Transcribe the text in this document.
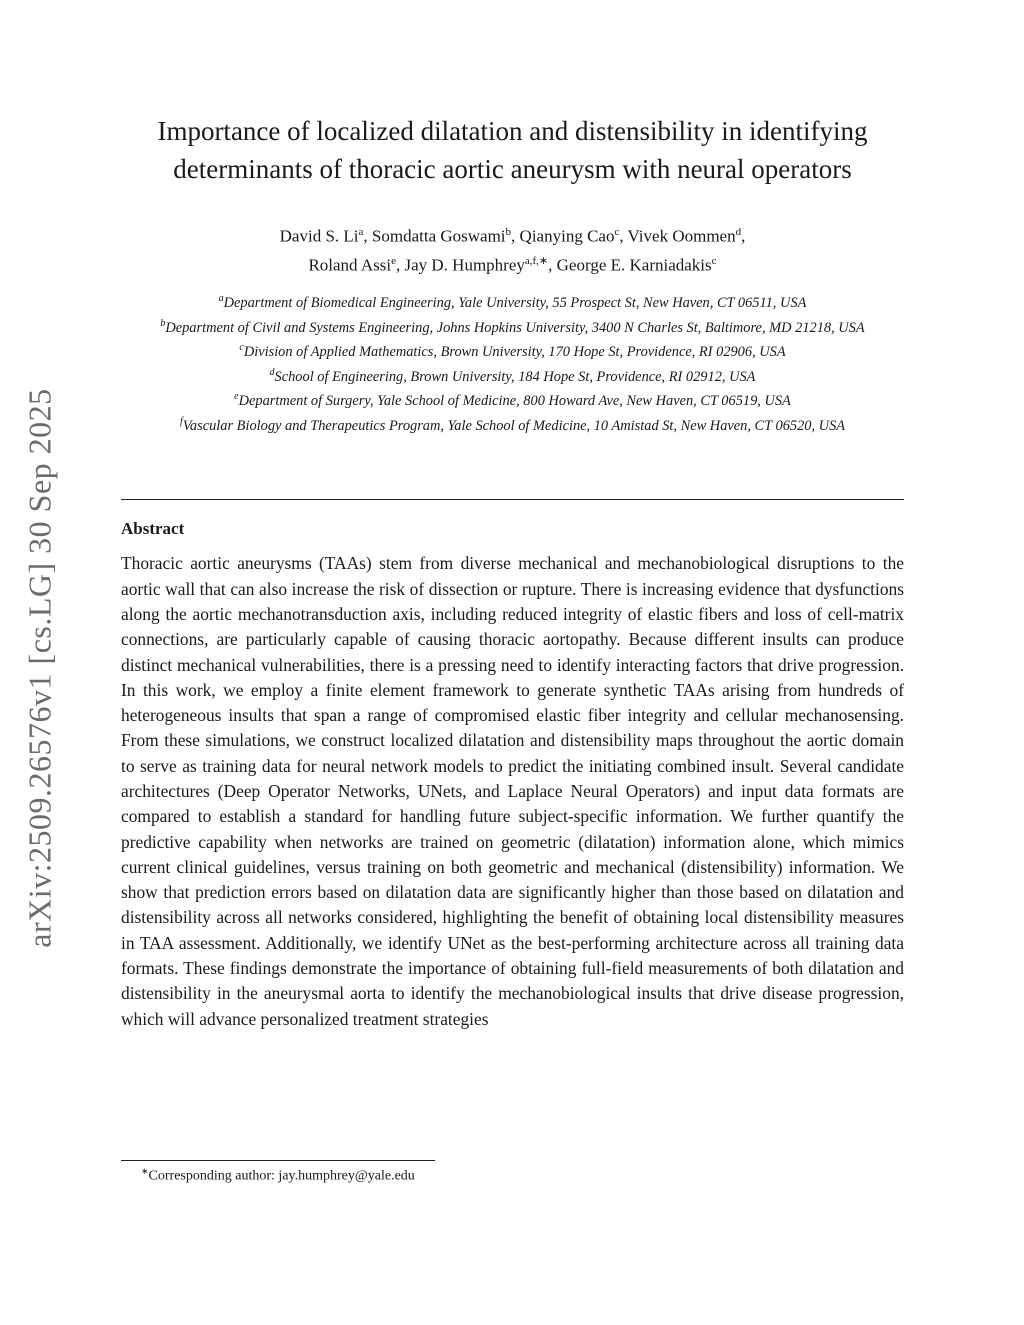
arXiv:2509.26576v1 [cs.LG] 30 Sep 2025
Importance of localized dilatation and distensibility in identifying determinants of thoracic aortic aneurysm with neural operators
David S. Li$^a$, Somdatta Goswami$^b$, Qianying Cao$^c$, Vivek Oommen$^d$,
Roland Assi$^e$, Jay D. Humphrey$^{a,f,∗}$, George E. Karniadakis$^c$
$^a$Department of Biomedical Engineering, Yale University, 55 Prospect St, New Haven, CT 06511, USA
$^b$Department of Civil and Systems Engineering, Johns Hopkins University, 3400 N Charles St, Baltimore, MD 21218, USA
$^c$Division of Applied Mathematics, Brown University, 170 Hope St, Providence, RI 02906, USA
$^d$School of Engineering, Brown University, 184 Hope St, Providence, RI 02912, USA
$^e$Department of Surgery, Yale School of Medicine, 800 Howard Ave, New Haven, CT 06519, USA
$^f$Vascular Biology and Therapeutics Program, Yale School of Medicine, 10 Amistad St, New Haven, CT 06520, USA
Abstract
Thoracic aortic aneurysms (TAAs) stem from diverse mechanical and mechanobiological disruptions to the aortic wall that can also increase the risk of dissection or rupture. There is increasing evidence that dysfunctions along the aortic mechanotransduction axis, including reduced integrity of elastic fibers and loss of cell-matrix connections, are particularly capable of causing thoracic aortopathy. Because different insults can produce distinct mechanical vulnerabilities, there is a pressing need to identify interacting factors that drive progression. In this work, we employ a finite element framework to generate synthetic TAAs arising from hundreds of heterogeneous insults that span a range of compromised elastic fiber integrity and cellular mechanosensing. From these simulations, we construct localized dilatation and distensibility maps throughout the aortic domain to serve as training data for neural network models to predict the initiating combined insult. Several candidate architectures (Deep Operator Networks, UNets, and Laplace Neural Operators) and input data formats are compared to establish a standard for handling future subject-specific information. We further quantify the predictive capability when networks are trained on geometric (dilatation) information alone, which mimics current clinical guidelines, versus training on both geometric and mechanical (distensibility) information. We show that prediction errors based on dilatation data are significantly higher than those based on dilatation and distensibility across all networks considered, highlighting the benefit of obtaining local distensibility measures in TAA assessment. Additionally, we identify UNet as the best-performing architecture across all training data formats. These findings demonstrate the importance of obtaining full-field measurements of both dilatation and distensibility in the aneurysmal aorta to identify the mechanobiological insults that drive disease progression, which will advance personalized treatment strategies
∗Corresponding author: jay.humphrey@yale.edu
